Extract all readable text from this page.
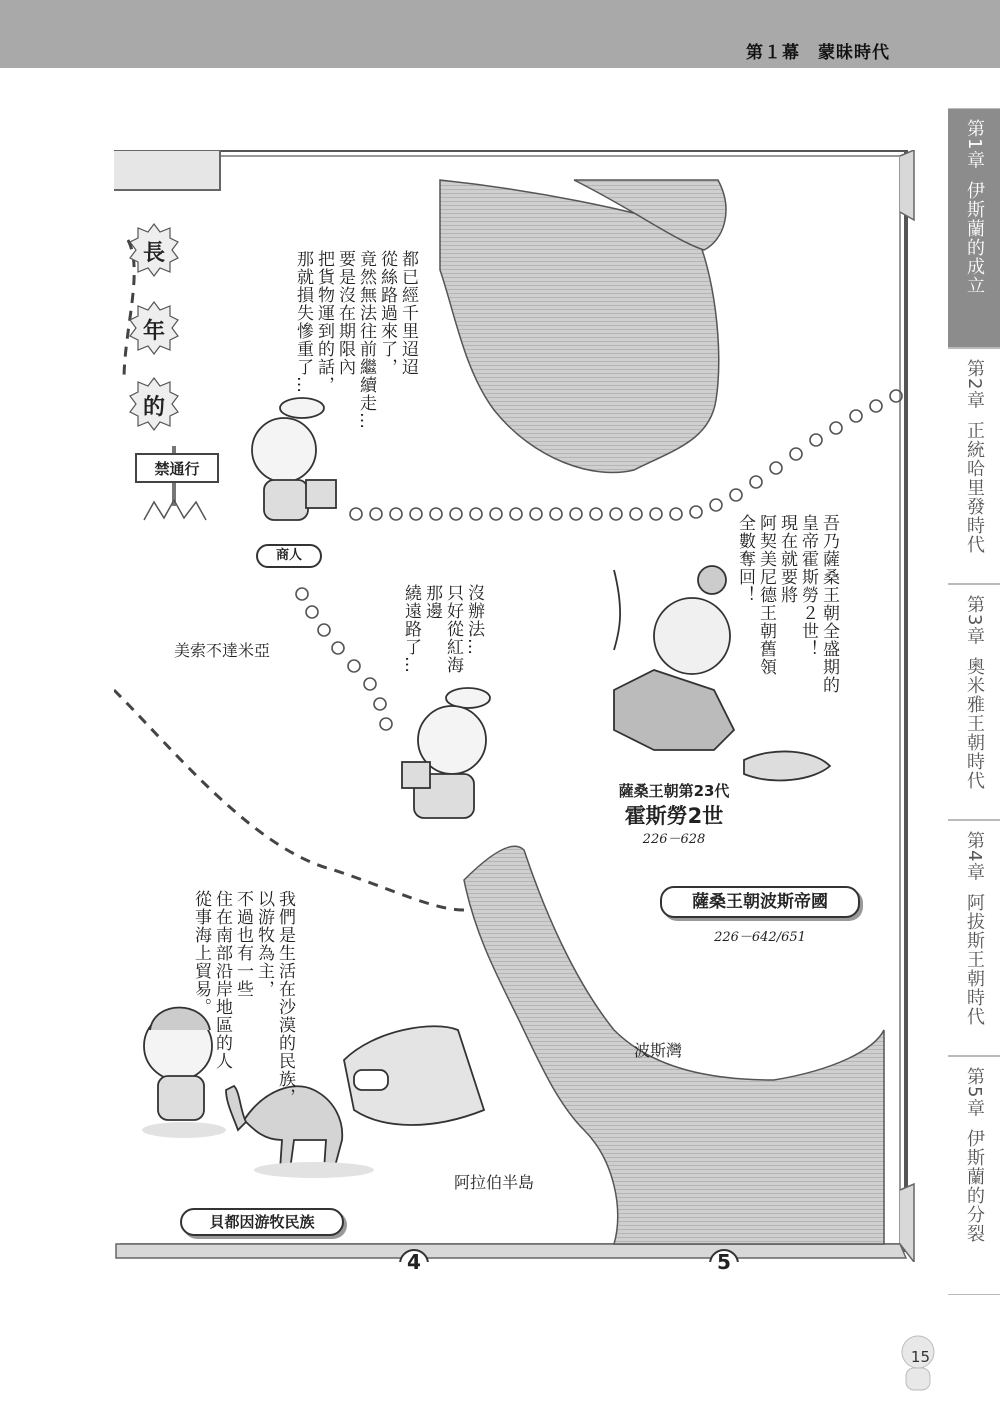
第１幕　蒙昧時代
第1章
伊斯蘭的成立
第2章
正統哈里發時代
第3章
奧米雅王朝時代
第4章
阿拔斯王朝時代
第5章
伊斯蘭的分裂
長
年
的
禁通行
都已經千里迢迢
從絲路過來了，
竟然無法往前繼續走…
要是沒在期限內
把貨物運到的話，
那就損失慘重了…
商人
沒辦法…
只好從紅海
那邊
繞遠路了…	吾乃薩桑王朝全盛期的
皇帝霍斯勞２世！
現在就要將
阿契美尼德王朝舊領
全數奪回！
薩桑王朝第23代
霍斯勞2世
226－628
薩桑王朝波斯帝國
226－642/651
我們是生活在沙漠的民族，
以游牧為主，
不過也有一些
住在南部沿岸地區的人
從事海上貿易。
貝都因游牧民族
美索不達米亞
波斯灣
阿拉伯半島
4	5
15
